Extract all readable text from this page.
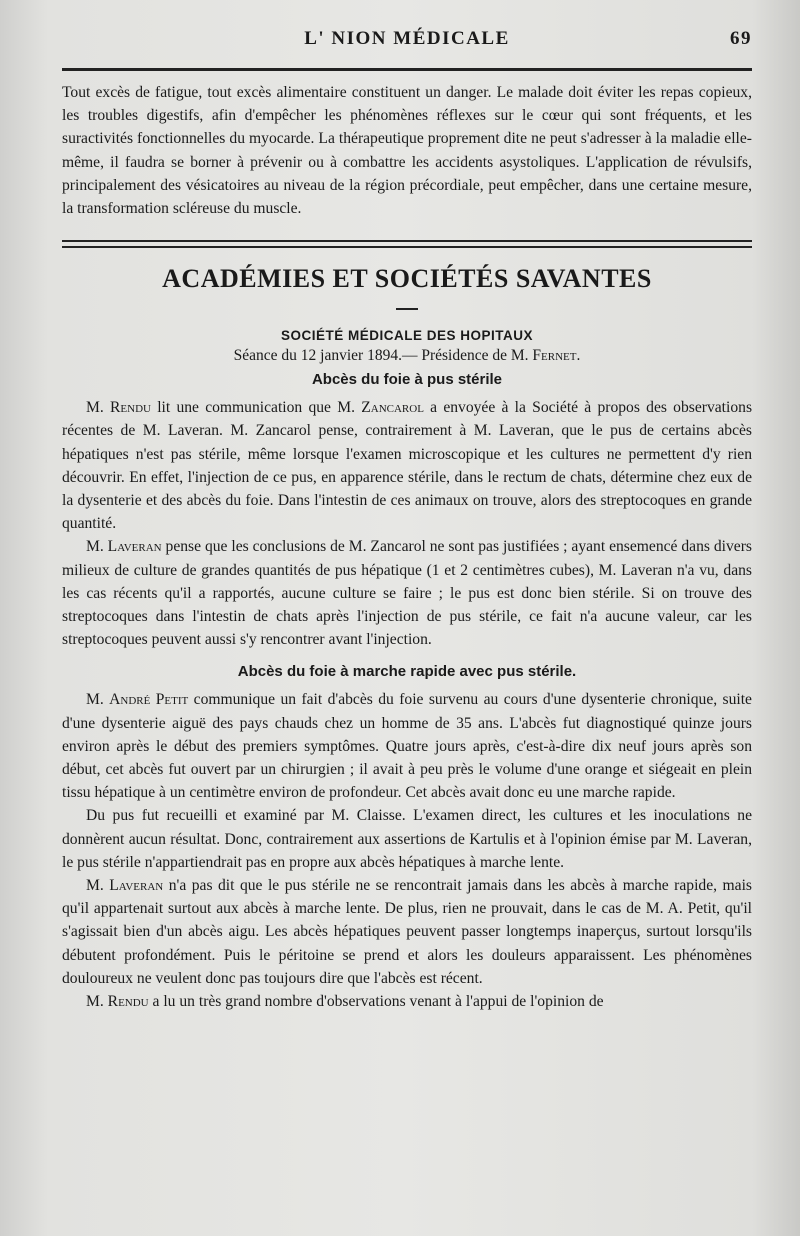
L' NION MÉDICALE	69

Tout excès de fatigue, tout excès alimentaire constituent un danger. Le malade doit éviter les repas copieux, les troubles digestifs, afin d'empêcher les phénomènes réflexes sur le cœur qui sont fréquents, et les suractivités fonctionnelles du myocarde. La thérapeutique proprement dite ne peut s'adresser à la maladie elle-même, il faudra se borner à prévenir ou à combattre les accidents asystoliques. L'application de révulsifs, principalement des vésicatoires au niveau de la région précordiale, peut empêcher, dans une certaine mesure, la transformation scléreuse du muscle.

ACADÉMIES ET SOCIÉTÉS SAVANTES
SOCIÉTÉ MÉDICALE DES HOPITAUX
Séance du 12 janvier 1894.— Présidence de M. Fernet.
Abcès du foie à pus stérile

M. Rendu lit une communication que M. Zancarol a envoyée à la Société à propos des observations récentes de M. Laveran. M. Zancarol pense, contrairement à M. Laveran, que le pus de certains abcès hépatiques n'est pas stérile, même lorsque l'examen microscopique et les cultures ne permettent d'y rien découvrir. En effet, l'injection de ce pus, en apparence stérile, dans le rectum de chats, détermine chez eux de la dysenterie et des abcès du foie. Dans l'intestin de ces animaux on trouve, alors des streptocoques en grande quantité.

M. Laveran pense que les conclusions de M. Zancarol ne sont pas justifiées ; ayant ensemencé dans divers milieux de culture de grandes quantités de pus hépatique (1 et 2 centimètres cubes), M. Laveran n'a vu, dans les cas récents qu'il a rapportés, aucune culture se faire ; le pus est donc bien stérile. Si on trouve des streptocoques dans l'intestin de chats après l'injection de pus stérile, ce fait n'a aucune valeur, car les streptocoques peuvent aussi s'y rencontrer avant l'injection.

Abcès du foie à marche rapide avec pus stérile.

M. André Petit communique un fait d'abcès du foie survenu au cours d'une dysenterie chronique, suite d'une dysenterie aiguë des pays chauds chez un homme de 35 ans. L'abcès fut diagnostiqué quinze jours environ après le début des premiers symptômes. Quatre jours après, c'est-à-dire dix neuf jours après son début, cet abcès fut ouvert par un chirurgien ; il avait à peu près le volume d'une orange et siégeait en plein tissu hépatique à un centimètre environ de profondeur. Cet abcès avait donc eu une marche rapide.

Du pus fut recueilli et examiné par M. Claisse. L'examen direct, les cultures et les inoculations ne donnèrent aucun résultat. Donc, contrairement aux assertions de Kartulis et à l'opinion émise par M. Laveran, le pus stérile n'appartiendrait pas en propre aux abcès hépatiques à marche lente.

M. Laveran n'a pas dit que le pus stérile ne se rencontrait jamais dans les abcès à marche rapide, mais qu'il appartenait surtout aux abcès à marche lente. De plus, rien ne prouvait, dans le cas de M. A. Petit, qu'il s'agissait bien d'un abcès aigu. Les abcès hépatiques peuvent passer longtemps inaperçus, surtout lorsqu'ils débutent profondément. Puis le péritoine se prend et alors les douleurs apparaissent. Les phénomènes douloureux ne veulent donc pas toujours dire que l'abcès est récent.

M. Rendu a lu un très grand nombre d'observations venant à l'appui de l'opinion de
